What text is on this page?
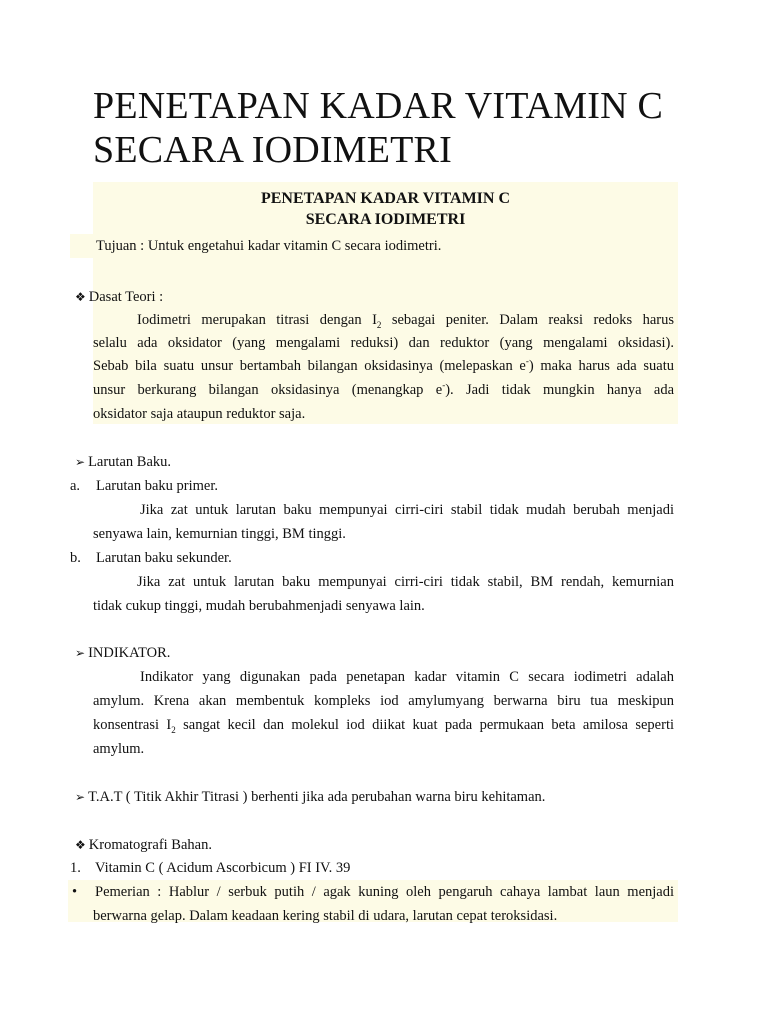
PENETAPAN KADAR VITAMIN C
SECARA IODIMETRI
PENETAPAN KADAR VITAMIN C
SECARA IODIMETRI
Tujuan : Untuk engetahui kadar vitamin C secara iodimetri.
❖ Dasat Teori :
Iodimetri merupakan titrasi dengan $I_2$ sebagai peniter. Dalam reaksi redoks harus
selalu ada oksidator (yang mengalami reduksi) dan reduktor (yang mengalami oksidasi).
Sebab bila suatu unsur bertambah bilangan oksidasinya (melepaskan e-) maka harus ada suatu
unsur berkurang bilangan oksidasinya (menangkap e-). Jadi tidak mungkin hanya ada
oksidator saja ataupun reduktor saja.
➢ Larutan Baku.
a. Larutan baku primer.
Jika zat untuk larutan baku mempunyai cirri-ciri stabil tidak mudah berubah menjadi
senyawa lain, kemurnian tinggi, BM tinggi.
b. Larutan baku sekunder.
Jika zat untuk larutan baku mempunyai cirri-ciri tidak stabil, BM rendah, kemurnian
tidak cukup tinggi, mudah berubahmenjadi senyawa lain.
➢ INDIKATOR.
Indikator yang digunakan pada penetapan kadar vitamin C secara iodimetri adalah
amylum. Krena akan membentuk kompleks iod amylumyang berwarna biru tua meskipun
konsentrasi $I_2$ sangat kecil dan molekul iod diikat kuat pada permukaan beta amilosa seperti
amylum.
➢ T.A.T ( Titik Akhir Titrasi ) berhenti jika ada perubahan warna biru kehitaman.
❖ Kromatografi Bahan.
1. Vitamin C ( Acidum Ascorbicum ) FI IV. 39
• Pemerian : Hablur / serbuk putih / agak kuning oleh pengaruh cahaya lambat laun menjadi
berwarna gelap. Dalam keadaan kering stabil di udara, larutan cepat teroksidasi.
